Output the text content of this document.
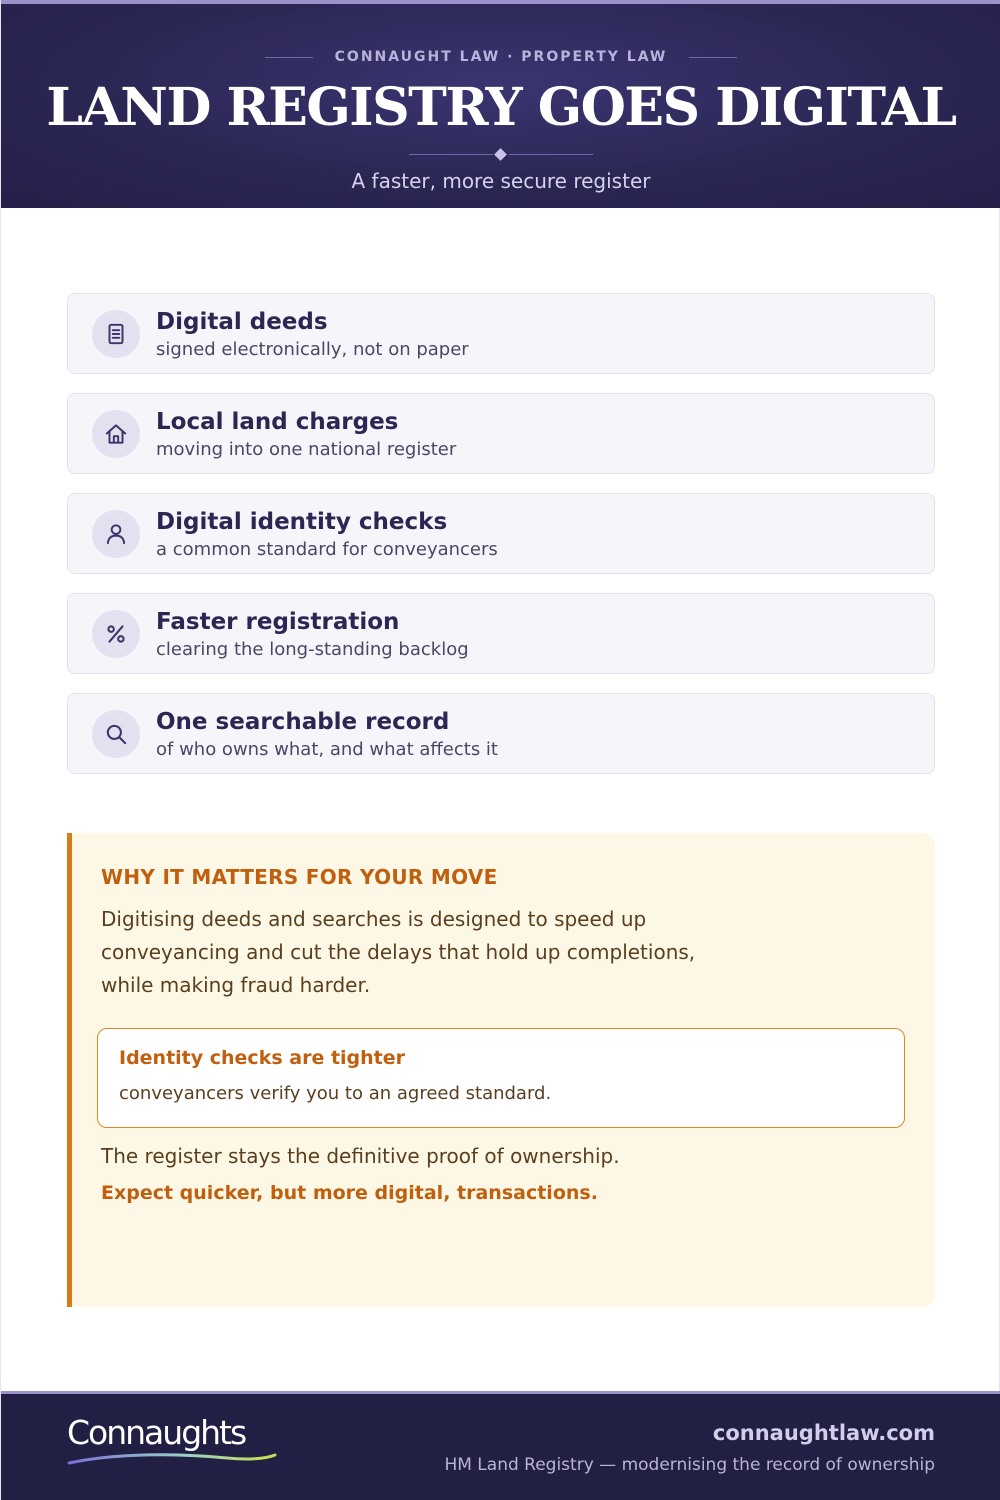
CONNAUGHT LAW · PROPERTY LAW
LAND REGISTRY GOES DIGITAL
A faster, more secure register
Digital deeds
signed electronically, not on paper
Local land charges
moving into one national register
Digital identity checks
a common standard for conveyancers
Faster registration
clearing the long-standing backlog
One searchable record
of who owns what, and what affects it
WHY IT MATTERS FOR YOUR MOVE
Digitising deeds and searches is designed to speed up conveyancing and cut the delays that hold up completions, while making fraud harder.
Identity checks are tighter
conveyancers verify you to an agreed standard.
The register stays the definitive proof of ownership.
Expect quicker, but more digital, transactions.
Connaughts	connaughtlaw.com
HM Land Registry — modernising the record of ownership
